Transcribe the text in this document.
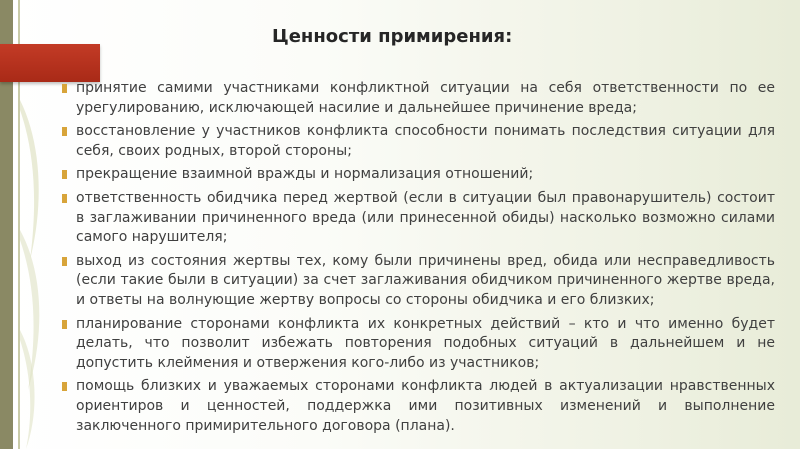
Ценности примирения:
принятие самими участниками конфликтной ситуации на себя ответственности по ее урегулированию, исключающей насилие и дальнейшее причинение вреда;
восстановление у участников конфликта способности понимать последствия ситуации для себя, своих родных, второй стороны;
прекращение взаимной вражды и нормализация отношений;
ответственность обидчика перед жертвой (если в ситуации был правонарушитель) состоит в заглаживании причиненного вреда (или принесенной обиды) насколько возможно силами самого нарушителя;
выход из состояния жертвы тех, кому были причинены вред, обида или несправедливость (если такие были в ситуации) за счет заглаживания обидчиком причиненного жертве вреда, и ответы на волнующие жертву вопросы со стороны обидчика и его близких;
планирование сторонами конфликта их конкретных действий – кто и что именно будет делать, что позволит избежать повторения подобных ситуаций в дальнейшем и не допустить клеймения и отвержения кого-либо из участников;
помощь близких и уважаемых сторонами конфликта людей в актуализации нравственных ориентиров и ценностей, поддержка ими позитивных изменений и выполнение заключенного примирительного договора (плана).
